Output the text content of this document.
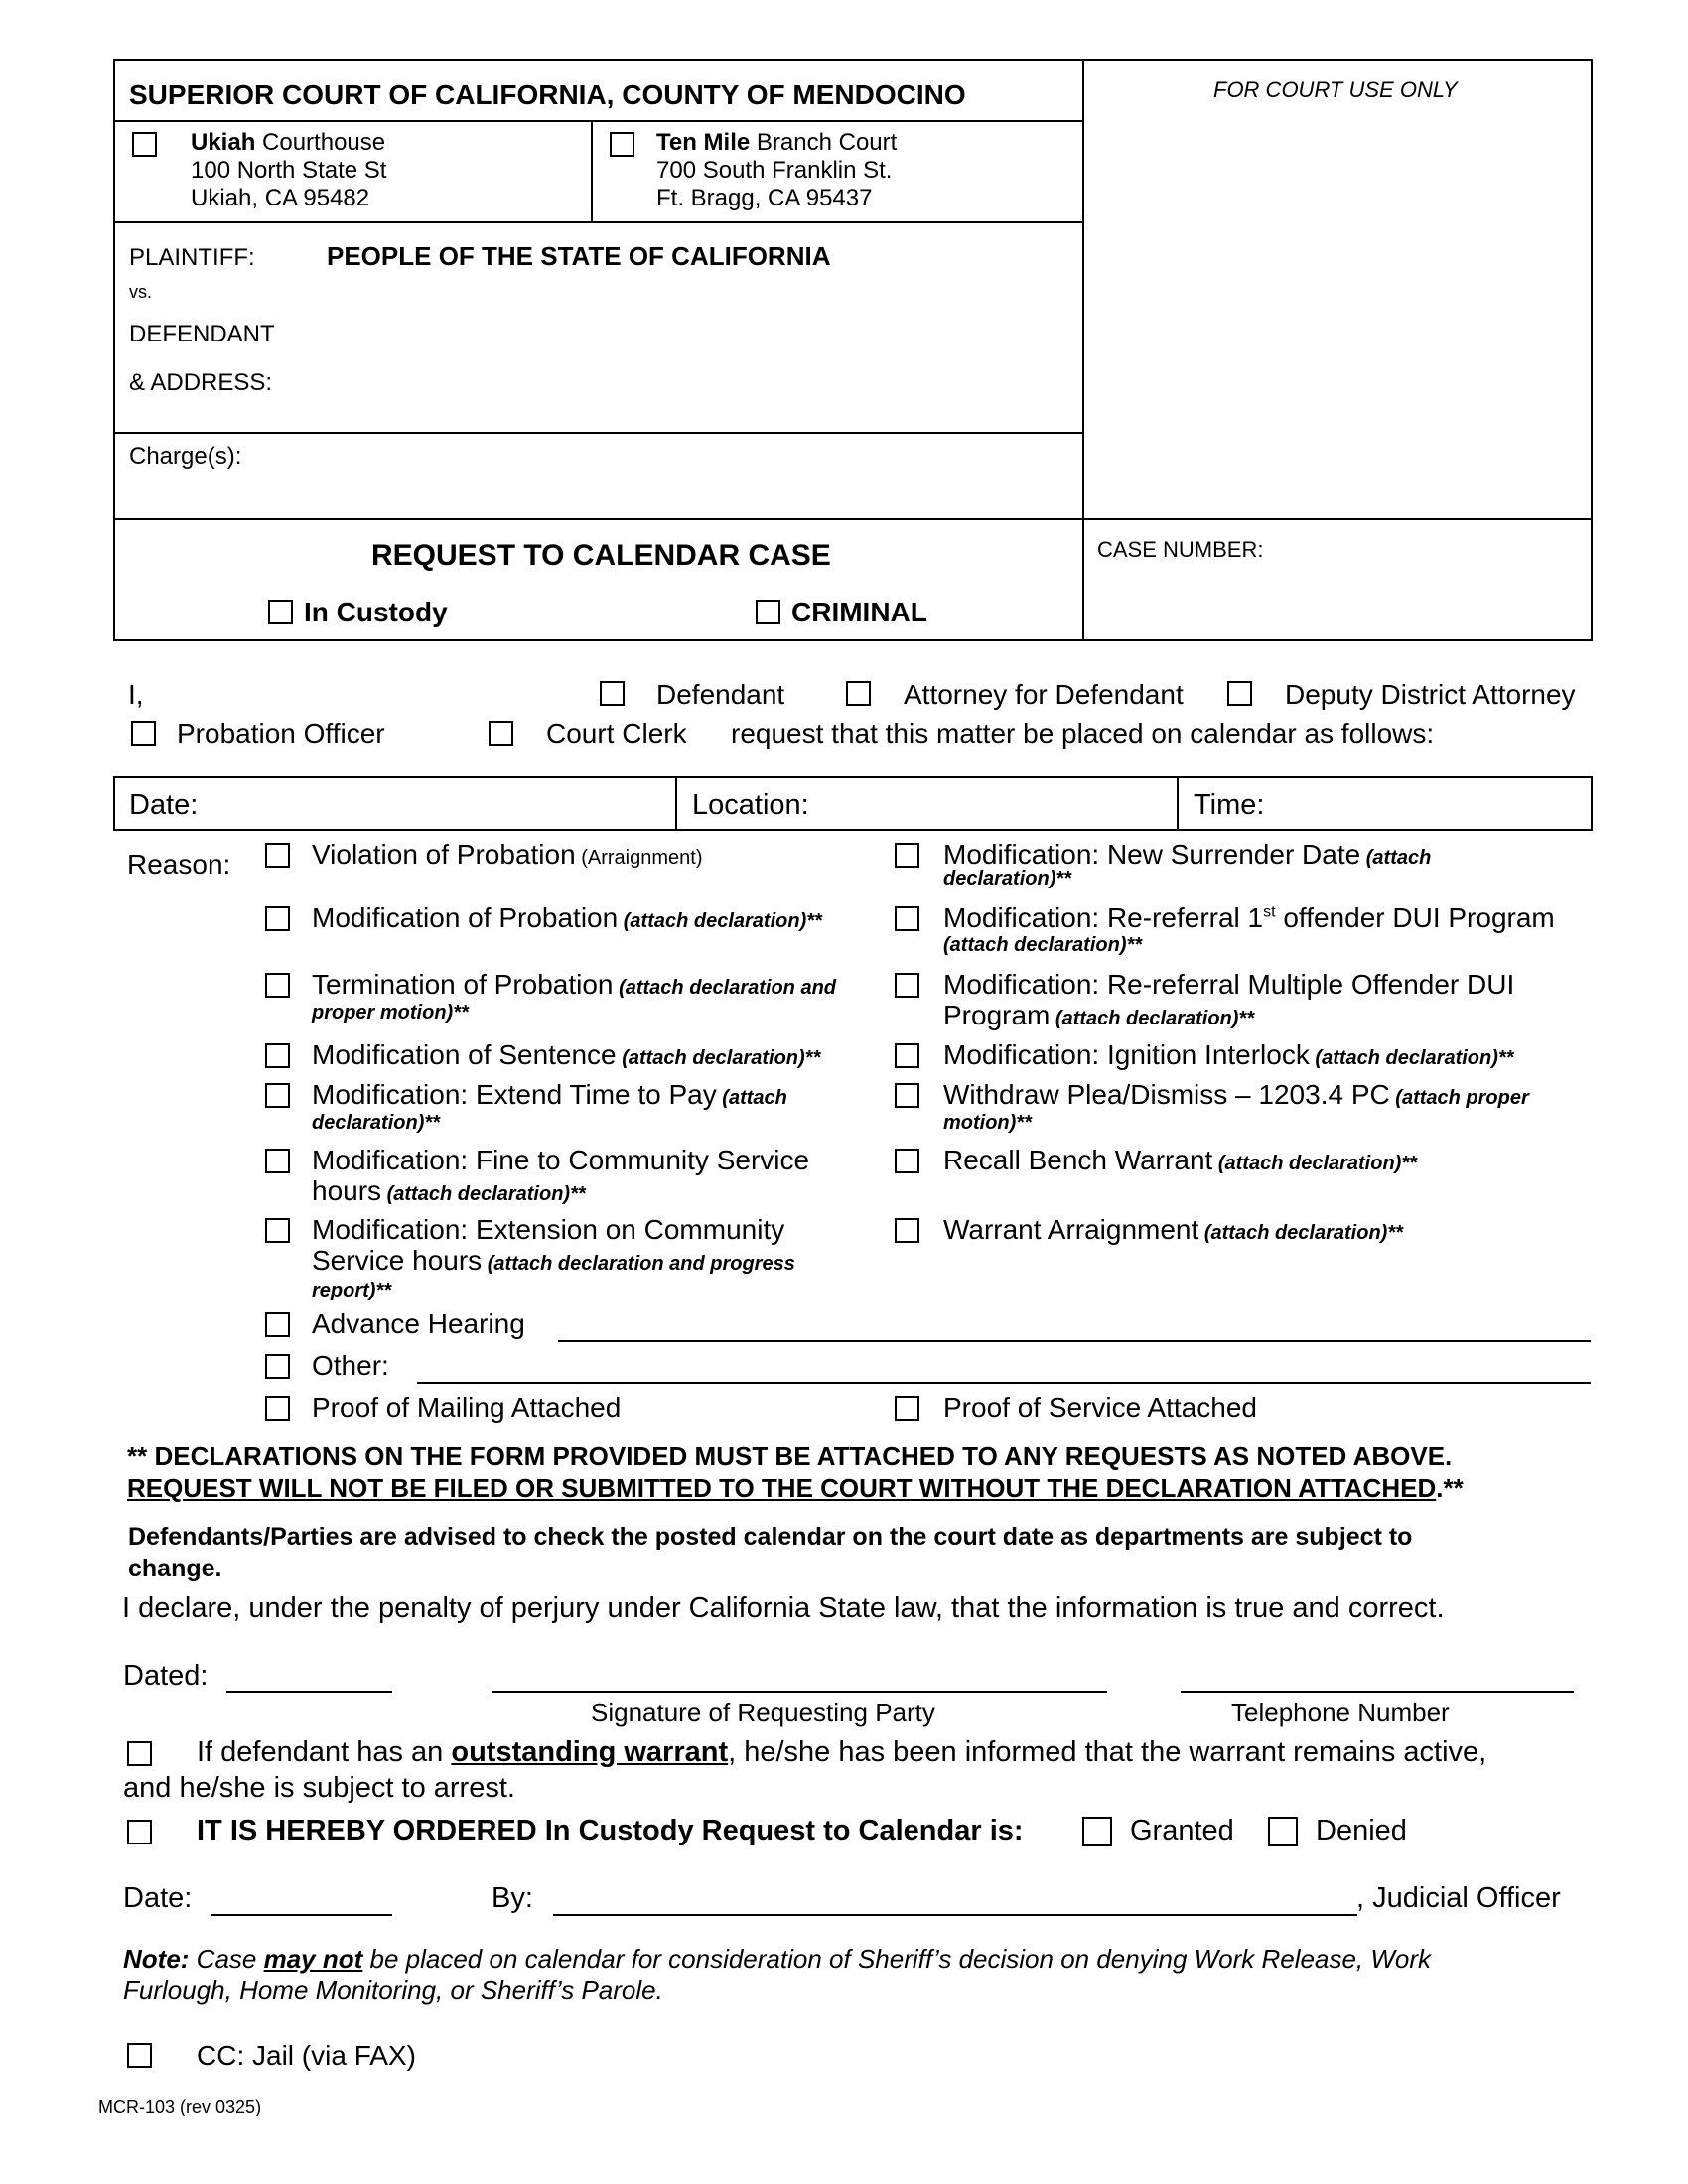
SUPERIOR COURT OF CALIFORNIA, COUNTY OF MENDOCINO	FOR COURT USE ONLY
Ukiah Courthouse
100 North State St
Ukiah, CA 95482
Ten Mile Branch Court
700 South Franklin St.
Ft. Bragg, CA 95437
PLAINTIFF:	PEOPLE OF THE STATE OF CALIFORNIA
vs.
DEFENDANT
& ADDRESS:
Charge(s):
REQUEST TO CALENDAR CASE
In Custody	CRIMINAL
CASE NUMBER:
I,	Defendant	Attorney for Defendant	Deputy District Attorney
Probation Officer	Court Clerk request that this matter be placed on calendar as follows:
Date:	Location:	Time:
Reason:	Violation of Probation (Arraignment)
Modification of Probation (attach declaration)**
Termination of Probation (attach declaration and
proper motion)**
Modification of Sentence (attach declaration)**
Modification: Extend Time to Pay (attach
declaration)**
Modification: Fine to Community Service
hours (attach declaration)**
Modification: Extension on Community
Service hours (attach declaration and progress
report)**
Modification: New Surrender Date (attach
declaration)**
Modification: Re-referral 1st offender DUI Program
(attach declaration)**
Modification: Re-referral Multiple Offender DUI
Program (attach declaration)**
Modification: Ignition Interlock (attach declaration)**
Withdraw Plea/Dismiss – 1203.4 PC (attach proper
motion)**
Recall Bench Warrant (attach declaration)**
Warrant Arraignment (attach declaration)**
Advance Hearing
Other:
Proof of Mailing Attached	Proof of Service Attached
** DECLARATIONS ON THE FORM PROVIDED MUST BE ATTACHED TO ANY REQUESTS AS NOTED ABOVE.
REQUEST WILL NOT BE FILED OR SUBMITTED TO THE COURT WITHOUT THE DECLARATION ATTACHED.**
Defendants/Parties are advised to check the posted calendar on the court date as departments are subject to
change.
I declare, under the penalty of perjury under California State law, that the information is true and correct.
Dated:
Signature of Requesting Party	Telephone Number
If defendant has an outstanding warrant, he/she has been informed that the warrant remains active,
and he/she is subject to arrest.
IT IS HEREBY ORDERED In Custody Request to Calendar is:	Granted	Denied
Date:	By:	, Judicial Officer
Note: Case may not be placed on calendar for consideration of Sheriff’s decision on denying Work Release, Work
Furlough, Home Monitoring, or Sheriff’s Parole.
CC: Jail (via FAX)
MCR-103 (rev 0325)
